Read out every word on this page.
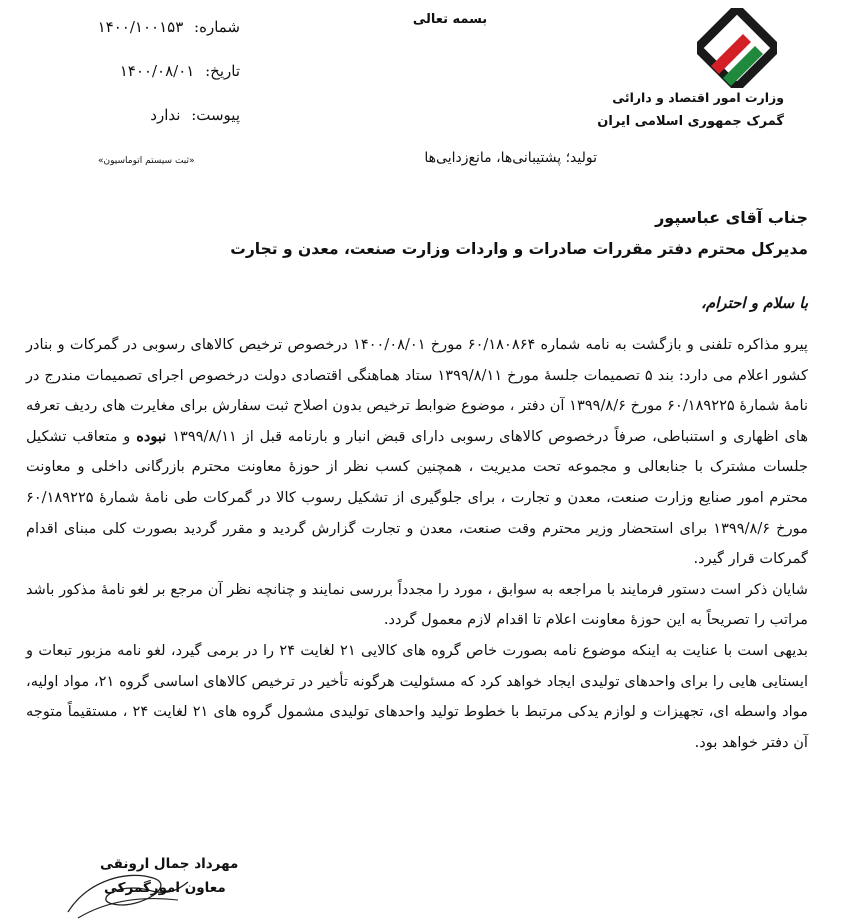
بسمه تعالی
وزارت امور اقتصاد و دارائی
گمرک جمهوری اسلامی ایران
شماره: ۱۴۰۰/۱۰۰۱۵۳
تاریخ: ۱۴۰۰/۰۸/۰۱
پیوست: ندارد
«ثبت سیستم اتوماسیون»	تولید؛ پشتیبانی‌ها، مانع‌زدایی‌ها
جناب آقای عباسپور
مدیرکل محترم دفتر مقررات صادرات و واردات وزارت صنعت، معدن و تجارت
با سلام و احترام،

پیرو مذاکره تلفنی و بازگشت به نامه شماره ۶۰/۱۸۰۸۶۴ مورخ ۱۴۰۰/۰۸/۰۱ درخصوص ترخیص کالاهای رسوبی در گمرکات و بنادر کشور اعلام می دارد: بند ۵ تصمیمات جلسهٔ مورخ ۱۳۹۹/۸/۱۱ ستاد هماهنگی اقتصادی دولت درخصوص اجرای تصمیمات مندرج در نامهٔ شمارهٔ ۶۰/۱۸۹۲۲۵ مورخ ۱۳۹۹/۸/۶ آن دفتر ، موضوع ضوابط ترخیص بدون اصلاح ثبت سفارش برای مغایرت های ردیف تعرفه های اظهاری و استنباطی، صرفاً درخصوص کالاهای رسوبی دارای قبض انبار و بارنامه قبل از ۱۳۹۹/۸/۱۱ نبوده و متعاقب تشکیل جلسات مشترک با جنابعالی و مجموعه تحت مدیریت ، همچنین کسب نظر از حوزهٔ معاونت محترم بازرگانی داخلی و معاونت محترم امور صنایع وزارت صنعت، معدن و تجارت ، برای جلوگیری از تشکیل رسوب کالا در گمرکات طی نامهٔ شمارهٔ ۶۰/۱۸۹۲۲۵ مورخ ۱۳۹۹/۸/۶ برای استحضار وزیر محترم وقت صنعت، معدن و تجارت گزارش گردید و مقرر گردید بصورت کلی مبنای اقدام گمرکات قرار گیرد.

شایان ذکر است دستور فرمایند با مراجعه به سوابق ، مورد را مجدداً بررسی نمایند و چنانچه نظر آن مرجع بر لغو نامهٔ مذکور باشد مراتب را تصریحاً به این حوزهٔ معاونت اعلام تا اقدام لازم معمول گردد.

بدیهی است با عنایت به اینکه موضوع نامه بصورت خاص گروه های کالایی ۲۱ لغایت ۲۴ را در برمی گیرد، لغو نامه مزبور تبعات و ایستایی هایی را برای واحدهای تولیدی ایجاد خواهد کرد که مسئولیت هرگونه تأخیر در ترخیص کالاهای اساسی گروه ۲۱، مواد اولیه، مواد واسطه ای، تجهیزات و لوازم یدکی مرتبط با خطوط تولید واحدهای تولیدی مشمول گروه های ۲۱ لغایت ۲۴ ، مستقیماً متوجه آن دفتر خواهد بود.

مهرداد جمال ارونقی
معاون امورگمرکی
